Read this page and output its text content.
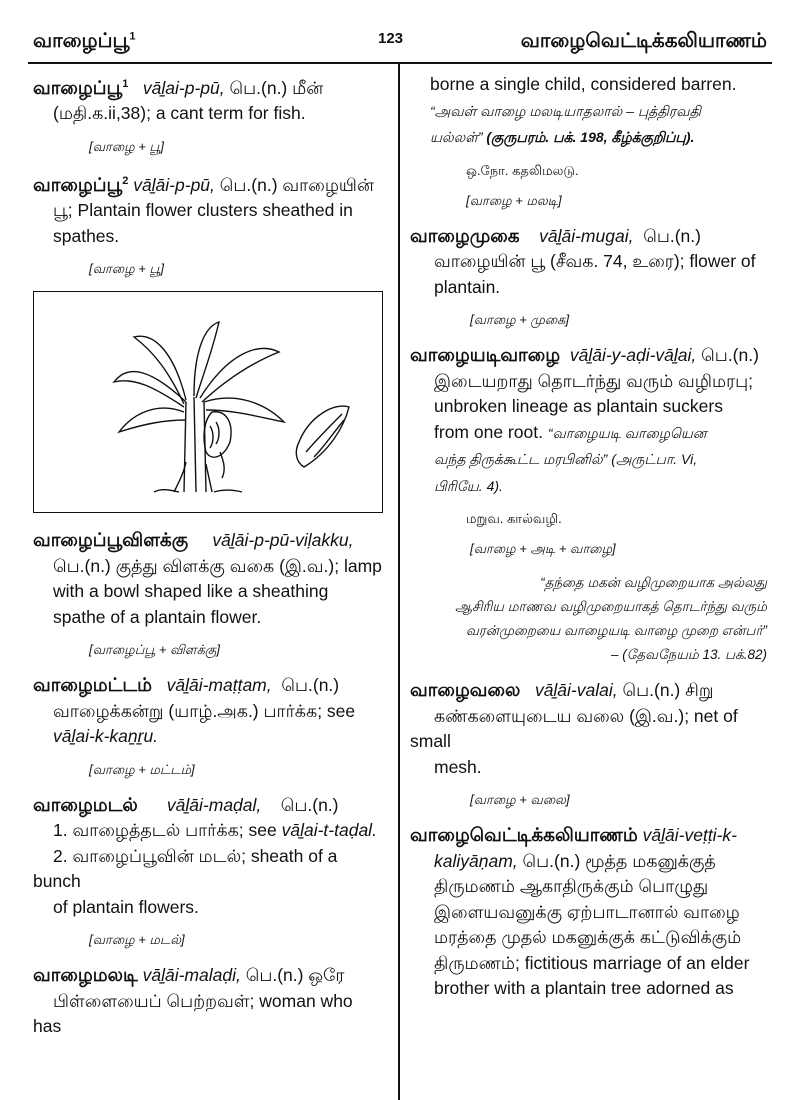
வாழைப்பூ$^1$	123	வாழைவெட்டிக்கலியாணம்
வாழைப்பூ$^1$ vāḻai-p-pū, பெ.(n.) மீன்
(மதி.க.ii,38); a cant term for fish.
[வாழை + பூ]
வாழைப்பூ$^2$ vāḻāi-p-pū, பெ.(n.) வாழையின்
பூ; Plantain flower clusters sheathed in
spathes.
[வாழை + பூ]
வாழைப்பூவிளக்கு vāḻāi-p-pū-viḷakku,
பெ.(n.) குத்து விளக்கு வகை (இ.வ.); lamp
with a bowl shaped like a sheathing
spathe of a plantain flower.
[வாழைப்பூ + விளக்கு]
வாழைமட்டம் vāḻāi-maṭṭam, பெ.(n.)
வாழைக்கன்று (யாழ்.அக.) பார்க்க; see
vāḻai-k-kaṉṟu.
[வாழை + மட்டம்]
வாழைமடல் vāḻāi-maḍal, பெ.(n.)
1. வாழைத்தடல் பார்க்க; see vāḻai-t-taḍal.
2. வாழைப்பூவின் மடல்; sheath of a bunch
of plantain flowers.
[வாழை + மடல்]
வாழைமலடி vāḻāi-malaḍi, பெ.(n.) ஒரே
பிள்ளையைப் பெற்றவள்; woman who has
borne a single child, considered barren.
“அவள் வாழை மலடியாதலால் – புத்திரவதி
யல்லள்” (குருபரம். பக். 198, கீழ்க்குறிப்பு).
ஒ.நோ. கதலிமலடு.
[வாழை + மலடி]
வாழைமுகை vāḻāi-mugai, பெ.(n.)
வாழையின் பூ (சீவக. 74, உரை); flower of
plantain.
[வாழை + முகை]
வாழையடிவாழை vāḻāi-y-aḍi-vāḻai, பெ.(n.)
இடையறாது தொடர்ந்து வரும் வழிமரபு;
unbroken lineage as plantain suckers
from one root. “வாழையடி வாழையென
வந்த திருக்கூட்ட மரபினில்” (அருட்பா. Vi,
பிரியே. 4).
மறுவ. கால்வழி.
[வாழை + அடி + வாழை]
“தந்தை மகன் வழிமுறையாக அல்லது
ஆசிரிய மாணவ வழிமுறையாகத் தொடர்ந்து வரும்
வரன்முறையை வாழையடி வாழை முறை என்பர்”
– (தேவநேயம் 13. பக்.82)
வாழைவலை vāḻāi-valai, பெ.(n.) சிறு
கண்களையுடைய வலை (இ.வ.); net of small
mesh.
[வாழை + வலை]
வாழைவெட்டிக்கலியாணம் vāḻāi-veṭṭi-k-
kaliyāṇam, பெ.(n.) மூத்த மகனுக்குத்
திருமணம் ஆகாதிருக்கும் பொழுது
இளையவனுக்கு ஏற்பாடானால் வாழை
மரத்தை முதல் மகனுக்குக் கட்டுவிக்கும்
திருமணம்; fictitious marriage of an elder
brother with a plantain tree adorned as
